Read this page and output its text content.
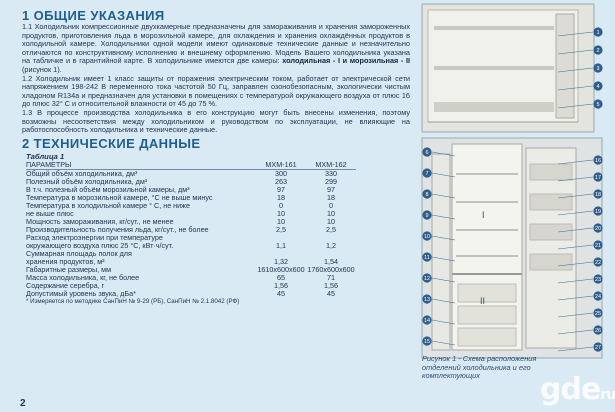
1 ОБЩИЕ УКАЗАНИЯ

1.1 Холодильник компрессионные двухкамерные предназначены для замораживания и хранения замороженных продуктов, приготовления льда в морозильной камере, для охлаждения и хранения охлаждённых продуктов в холодильной камере. Холодильники одной модели имеют одинаковые технические данные и незначительно отличаются по конструктивному исполнению и внешнему оформлению. Модель Вашего холодильника указана на табличке и в гарантийной карте. В холодильнике имеются две камеры: холодильная - I и морозильная - II (рисунок 1).

1.2 Холодильник имеет 1 класс защиты от поражения электрическим током, работает от электрической сети напряжением 198-242 В переменного тока частотой 50 Гц, заправлен озонобезопасным, экологически чистым хладоном R134a и предназначен для установки в помещениях с температурой окружающего воздуха от плюс 16 до плюс 32° С и относительной влажности от 45 до 75 %.

1.3 В процессе производства холодильника в его конструкцию могут быть внесены изменения, поэтому возможны несоответствия между холодильником и руководством по эксплуатации, не влияющие на работоспособность холодильника и технические данные.

2 ТЕХНИЧЕСКИЕ ДАННЫЕ
Таблица 1
ПАРАМЕТРЫ	МХМ-161	МХМ-162
Общий объём холодильника, дм³	300	330
Полезный объём холодильника, дм³	263	299
В т.ч. полезный объём морозильной камеры, дм³	97	97
Температура в морозильной камере, °С не выше минус	18	18
Температура в холодильной камере ° С, не ниже	0	0
не выше плюс	10	10
Мощность замораживания, кг/сут., не менее	10	10
Производительность получения льда, кг/сут., не более	2,5	2,5
Расход электроэнергии при температуре		
окружающего воздуха плюс 25 °С, кВт·ч/сут.	1,1	1,2
Суммарная площадь полок для		
хранения продуктов, м²	1,32	1,54
Габаритные размеры, мм	1610x600x600	1760x600x600
Масса холодильника, кг, не более	65	71
Содержание серебра, г	1,56	1,56
Допустимый уровень звука, дБа*	45	45
* Измеряется по методике СанПиН № 9-29 (РБ), СанПиН № 2.1.8042 (РФ)
2
1
2
3
4
5
6
7
8
9
10
11
12
13
14
15
16
17
18
19
20
21
22
23
24
25
26
27
I
II
Рисунок 1 - Схема расположения отделений холодильника и его комплектующих	gderu
